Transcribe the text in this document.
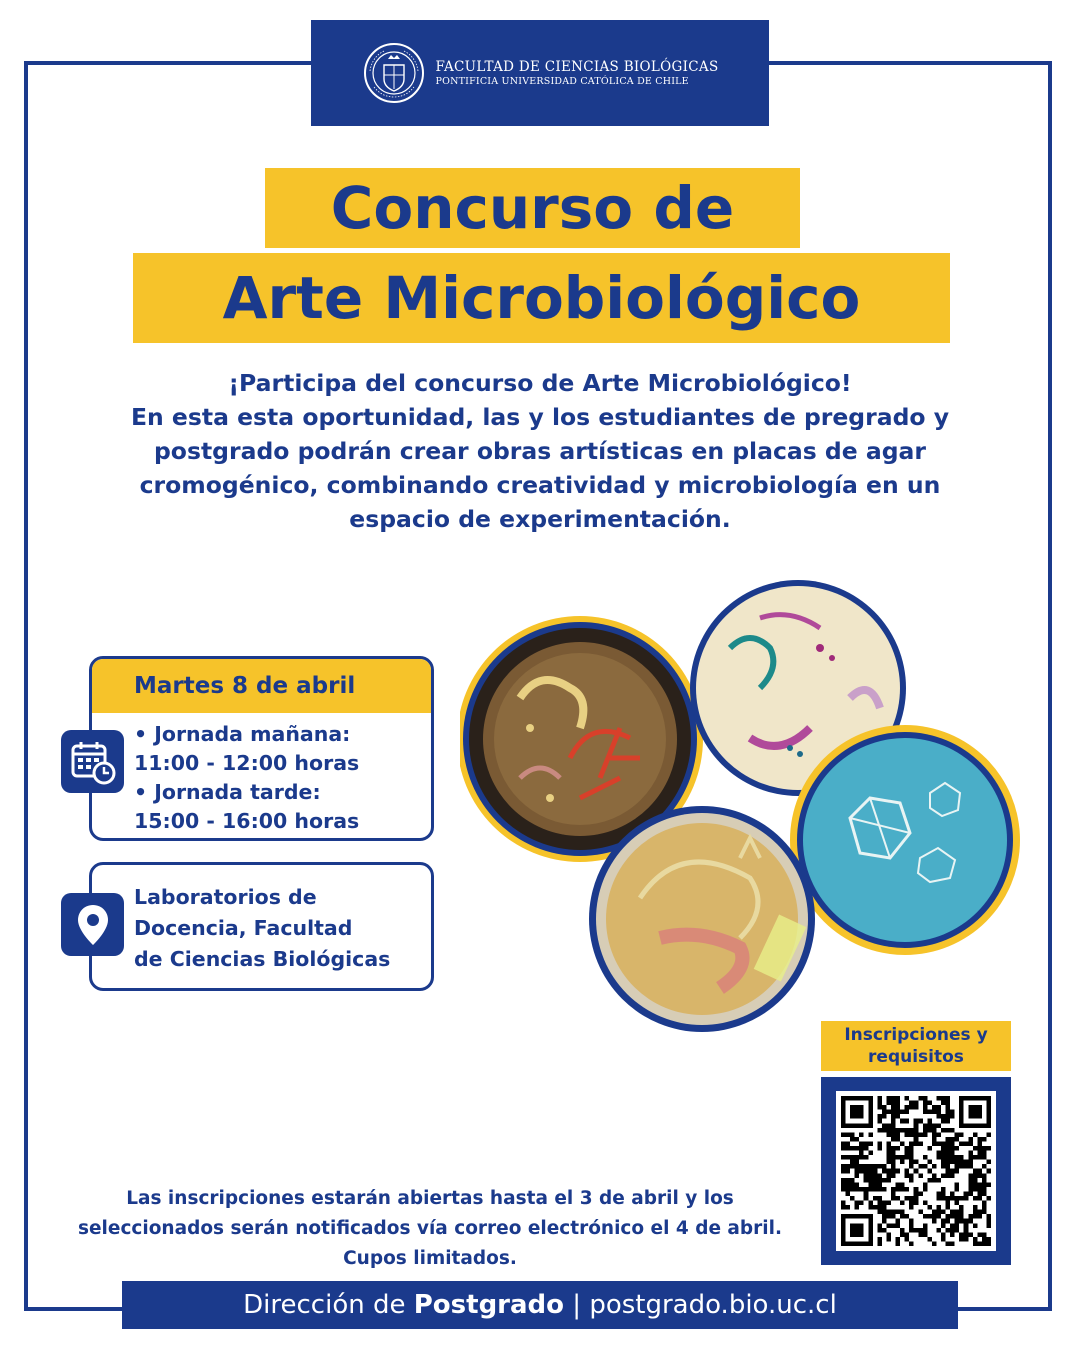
FACULTAD DE CIENCIAS BIOLÓGICAS
PONTIFICIA UNIVERSIDAD CATÓLICA DE CHILE
Concurso de
Arte Microbiológico
¡Participa del concurso de Arte Microbiológico!
En esta esta oportunidad, las y los estudiantes de pregrado y
postgrado podrán crear obras artísticas en placas de agar
cromogénico, combinando creatividad y microbiología en un
espacio de experimentación.
Martes 8 de abril
• Jornada mañana:
11:00 - 12:00 horas
• Jornada tarde:
15:00 - 16:00 horas
Laboratorios de
Docencia, Facultad
de Ciencias Biológicas
Inscripciones y
requisitos
Las inscripciones estarán abiertas hasta el 3 de abril y los
seleccionados serán notificados vía correo electrónico el 4 de abril.
Cupos limitados.
Dirección de Postgrado | postgrado.bio.uc.cl
